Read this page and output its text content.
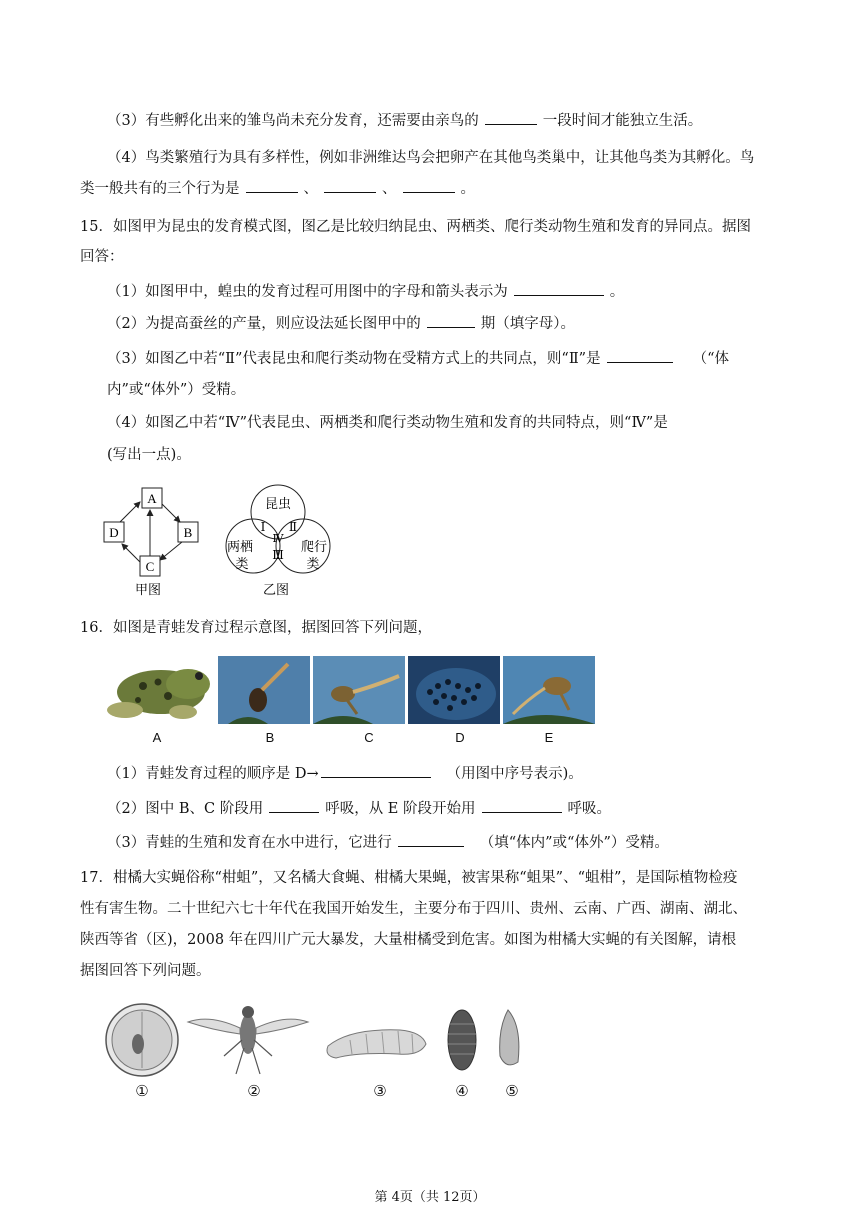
（3）有些孵化出来的雏鸟尚未充分发育，还需要由亲鸟的	一段时间才能独立生活。
（4）鸟类繁殖行为具有多样性，例如非洲维达鸟会把卵产在其他鸟类巢中，让其他鸟类为其孵化。鸟
类一般共有的三个行为是	、	、	。
15．如图甲为昆虫的发育模式图，图乙是比较归纳昆虫、两栖类、爬行类动物生殖和发育的异同点。据图
回答：
（1）如图甲中，蝗虫的发育过程可用图中的字母和箭头表示为	。
（2）为提高蚕丝的产量，则应设法延长图甲中的	期（填字母）。
（3）如图乙中若“Ⅱ”代表昆虫和爬行类动物在受精方式上的共同点，则“Ⅱ”是	（“体
内”或“体外”）受精。
（4）如图乙中若“Ⅳ”代表昆虫、两栖类和爬行类动物生殖和发育的共同特点，则“Ⅳ”是
(写出一点)。
A
B
C
D
甲图
昆虫
两栖
类
爬行
类
Ⅰ Ⅱ
Ⅳ
Ⅲ
乙图
16．如图是青蛙发育过程示意图，据图回答下列问题，
A	B	C	D	E
（1）青蛙发育过程的顺序是 D→	（用图中序号表示)。
（2）图中 B、C 阶段用	呼吸，从 E 阶段开始用	呼吸。
（3）青蛙的生殖和发育在水中进行，它进行	（填“体内”或“体外”）受精。
17．柑橘大实蝇俗称“柑蛆”，又名橘大食蝇、柑橘大果蝇，被害果称“蛆果”、“蛆柑”，是国际植物检疫
性有害生物。二十世纪六七十年代在我国开始发生，主要分布于四川、贵州、云南、广西、湖南、湖北、
陕西等省（区)，2008 年在四川广元大暴发，大量柑橘受到危害。如图为柑橘大实蝇的有关图解，请根
据图回答下列问题。
①	②	③	④ ⑤
第 4页（共 12页）
